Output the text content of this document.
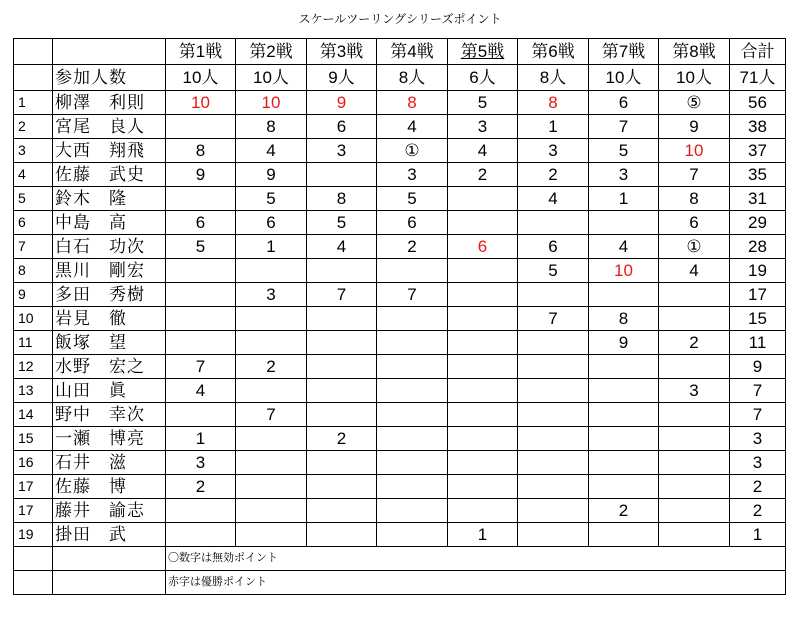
スケールツーリングシリーズポイント
		第1戦	第2戦	第3戦	第4戦	第5戦	第6戦	第7戦	第8戦	合計
	参加人数	10人	10人	9人	8人	6人	8人	10人	10人	71人
1	柳澤　利則	10	10	9	8	5	8	6	⑤	56
2	宮尾　良人		8	6	4	3	1	7	9	38
3	大西　翔飛	8	4	3	①	4	3	5	10	37
4	佐藤　武史	9	9		3	2	2	3	7	35
5	鈴木　隆		5	8	5		4	1	8	31
6	中島　高	6	6	5	6				6	29
7	白石　功次	5	1	4	2	6	6	4	①	28
8	黒川　剛宏						5	10	4	19
9	多田　秀樹		3	7	7					17
10	岩見　徹						7	8		15
11	飯塚　望							9	2	11
12	水野　宏之	7	2							9
13	山田　眞	4							3	7
14	野中　幸次		7							7
15	一瀬　博亮	1		2						3
16	石井　滋	3								3
17	佐藤　博	2								2
17	藤井　諭志							2		2
19	掛田　武					1				1
		〇数字は無効ポイント								
		赤字は優勝ポイント								
